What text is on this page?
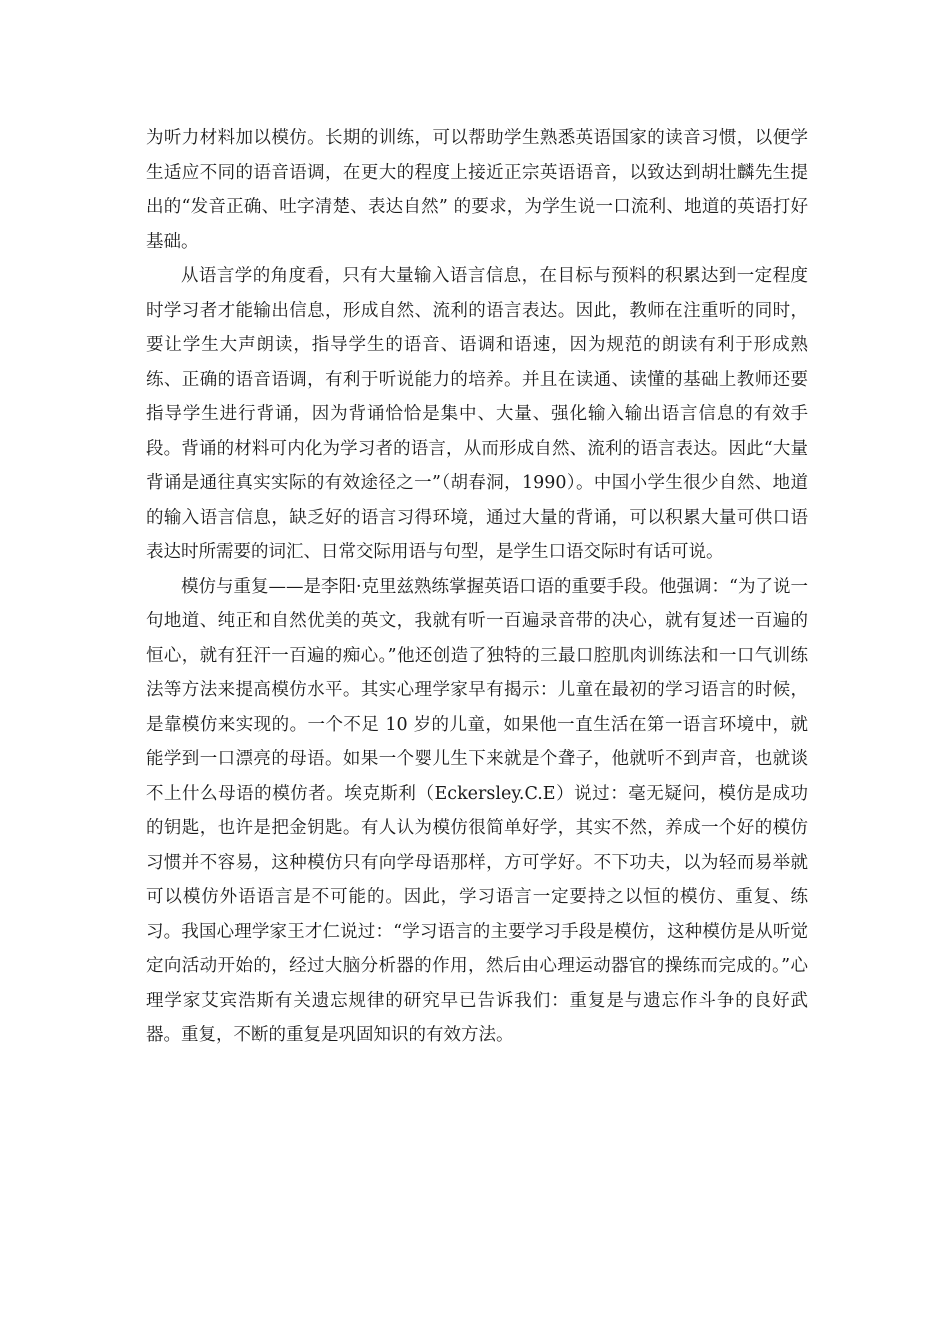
为听力材料加以模仿。长期的训练，可以帮助学生熟悉英语国家的读音习惯，以便学生适应不同的语音语调，在更大的程度上接近正宗英语语音，以致达到胡壮麟先生提出的“发音正确、吐字清楚、表达自然” 的要求，为学生说一口流利、地道的英语打好基础。

从语言学的角度看，只有大量输入语言信息，在目标与预料的积累达到一定程度时学习者才能输出信息，形成自然、流利的语言表达。因此，教师在注重听的同时，要让学生大声朗读，指导学生的语音、语调和语速，因为规范的朗读有利于形成熟练、正确的语音语调，有利于听说能力的培养。并且在读通、读懂的基础上教师还要指导学生进行背诵，因为背诵恰恰是集中、大量、强化输入输出语言信息的有效手段。背诵的材料可内化为学习者的语言，从而形成自然、流利的语言表达。因此“大量背诵是通往真实实际的有效途径之一”（胡春洞，1990）。中国小学生很少自然、地道的输入语言信息，缺乏好的语言习得环境，通过大量的背诵，可以积累大量可供口语表达时所需要的词汇、日常交际用语与句型，是学生口语交际时有话可说。

模仿与重复——是李阳·克里兹熟练掌握英语口语的重要手段。他强调：“为了说一句地道、纯正和自然优美的英文，我就有听一百遍录音带的决心，就有复述一百遍的恒心，就有狂汗一百遍的痴心。”他还创造了独特的三最口腔肌肉训练法和一口气训练法等方法来提高模仿水平。其实心理学家早有揭示：儿童在最初的学习语言的时候，是靠模仿来实现的。一个不足 10 岁的儿童，如果他一直生活在第一语言环境中，就能学到一口漂亮的母语。如果一个婴儿生下来就是个聋子，他就听不到声音，也就谈不上什么母语的模仿者。埃克斯利（Eckersley.C.E）说过：毫无疑问，模仿是成功的钥匙，也许是把金钥匙。有人认为模仿很简单好学，其实不然，养成一个好的模仿习惯并不容易，这种模仿只有向学母语那样，方可学好。不下功夫，以为轻而易举就可以模仿外语语言是不可能的。因此，学习语言一定要持之以恒的模仿、重复、练习。我国心理学家王才仁说过：“学习语言的主要学习手段是模仿，这种模仿是从听觉定向活动开始的，经过大脑分析器的作用，然后由心理运动器官的操练而完成的。”心理学家艾宾浩斯有关遗忘规律的研究早已告诉我们：重复是与遗忘作斗争的良好武器。重复，不断的重复是巩固知识的有效方法。
